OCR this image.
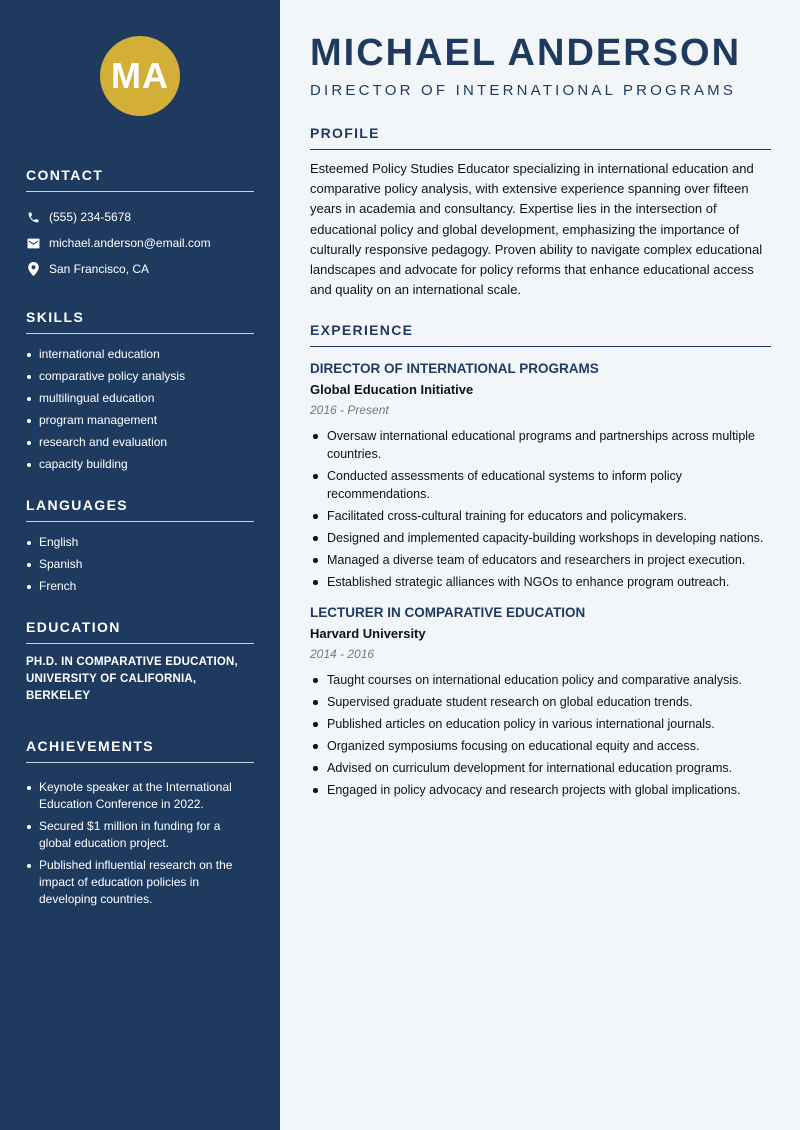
MA
CONTACT
(555) 234-5678
michael.anderson@email.com
San Francisco, CA
SKILLS
international education
comparative policy analysis
multilingual education
program management
research and evaluation
capacity building
LANGUAGES
English
Spanish
French
EDUCATION
PH.D. IN COMPARATIVE EDUCATION,
UNIVERSITY OF CALIFORNIA, BERKELEY
ACHIEVEMENTS
Keynote speaker at the International Education Conference in 2022.
Secured $1 million in funding for a global education project.
Published influential research on the impact of education policies in developing countries.
MICHAEL ANDERSON
DIRECTOR OF INTERNATIONAL PROGRAMS
PROFILE

Esteemed Policy Studies Educator specializing in international education and comparative policy analysis, with extensive experience spanning over fifteen years in academia and consultancy. Expertise lies in the intersection of educational policy and global development, emphasizing the importance of culturally responsive pedagogy. Proven ability to navigate complex educational landscapes and advocate for policy reforms that enhance educational access and quality on an international scale.

EXPERIENCE
DIRECTOR OF INTERNATIONAL PROGRAMS
Global Education Initiative
2016 - Present
Oversaw international educational programs and partnerships across multiple countries.
Conducted assessments of educational systems to inform policy recommendations.
Facilitated cross-cultural training for educators and policymakers.
Designed and implemented capacity-building workshops in developing nations.
Managed a diverse team of educators and researchers in project execution.
Established strategic alliances with NGOs to enhance program outreach.
LECTURER IN COMPARATIVE EDUCATION
Harvard University
2014 - 2016
Taught courses on international education policy and comparative analysis.
Supervised graduate student research on global education trends.
Published articles on education policy in various international journals.
Organized symposiums focusing on educational equity and access.
Advised on curriculum development for international education programs.
Engaged in policy advocacy and research projects with global implications.
